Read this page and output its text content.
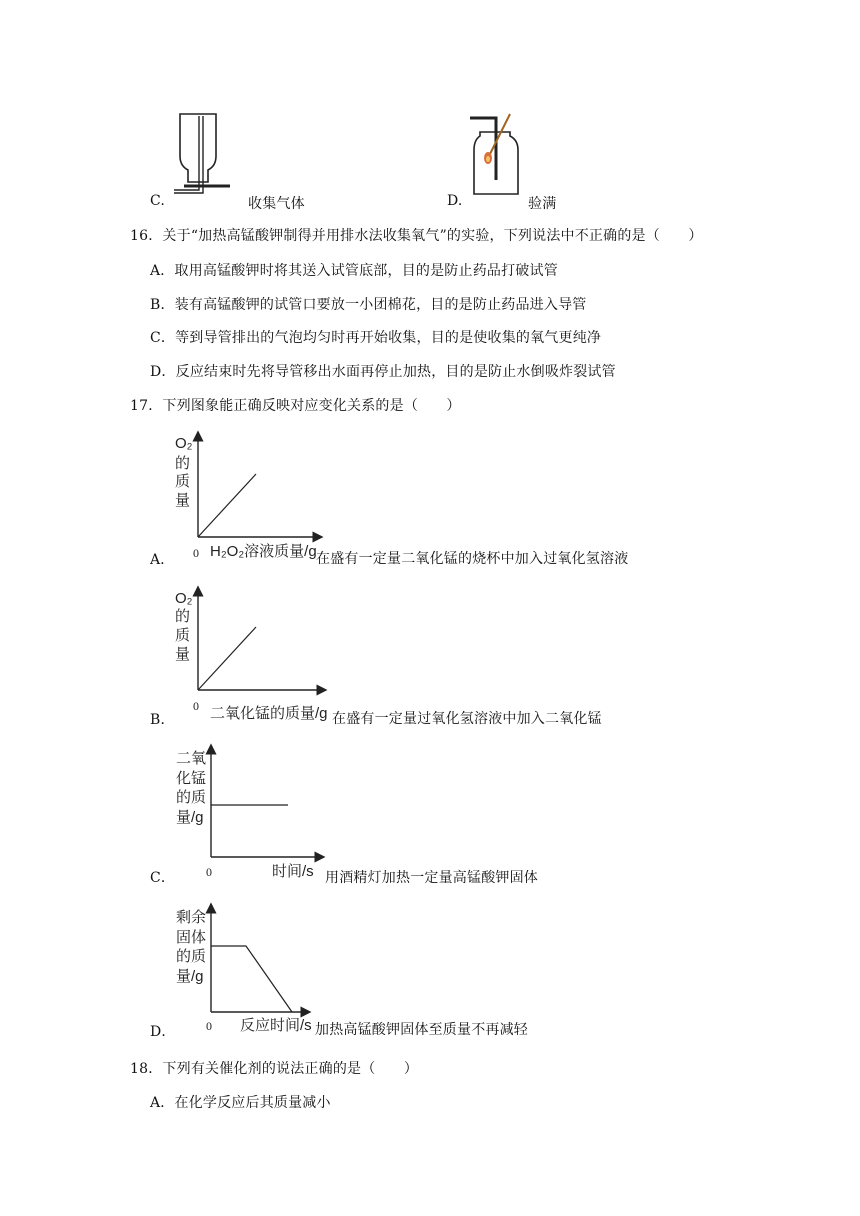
C.	收集气体	D.	验满
16．关于“加热高锰酸钾制得并用排水法收集氧气”的实验，下列说法中不正确的是（　　）
A．取用高锰酸钾时将其送入试管底部，目的是防止药品打破试管
B．装有高锰酸钾的试管口要放一小团棉花，目的是防止药品进入导管
C．等到导管排出的气泡均匀时再开始收集，目的是使收集的氧气更纯净
D．反应结束时先将导管移出水面再停止加热，目的是防止水倒吸炸裂试管
17．下列图象能正确反映对应变化关系的是（　　）
O₂
的
质
量
0 H₂O₂溶液质量/g
A．	在盛有一定量二氧化锰的烧杯中加入过氧化氢溶液
O₂
的
质
量
0 二氧化锰的质量/g
B．	在盛有一定量过氧化氢溶液中加入二氧化锰
二氧
化锰
的质
量/g
0	时间/s
C．	用酒精灯加热一定量高锰酸钾固体
剩余
固体
的质
量/g
0 反应时间/s
D．	加热高锰酸钾固体至质量不再减轻
18．下列有关催化剂的说法正确的是（　　）
A．在化学反应后其质量减小
